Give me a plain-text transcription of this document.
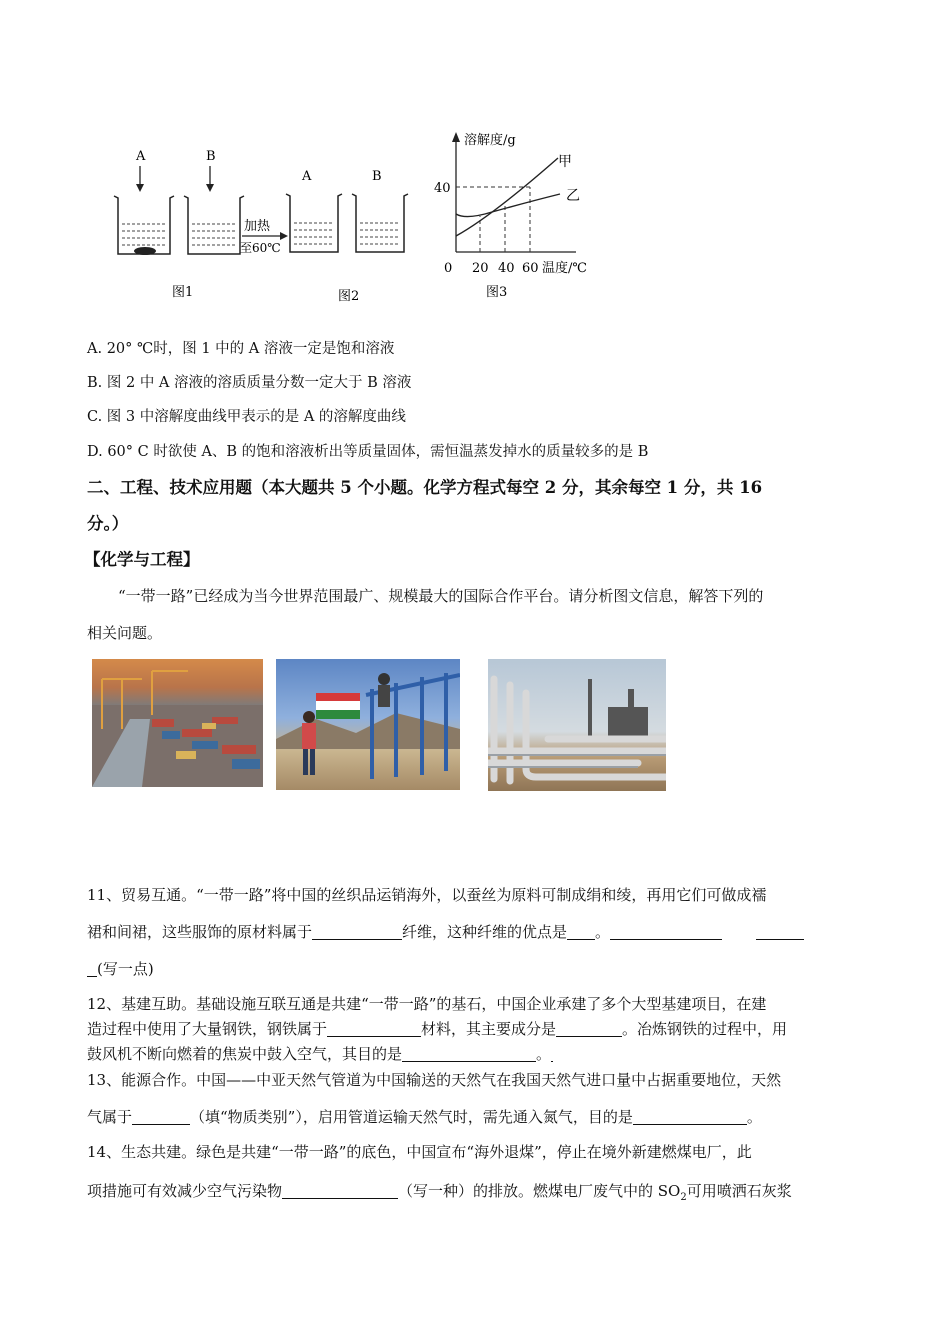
A	B
图1
加热
至60℃
A	B
图2
溶解度/g
40
甲
乙
0 20 40 60 温度/℃
图3
A. 20° ℃时，图 1 中的 A 溶液一定是饱和溶液
B. 图 2 中 A 溶液的溶质质量分数一定大于 B 溶液
C. 图 3 中溶解度曲线甲表示的是 A 的溶解度曲线
D. 60° C 时欲使 A、B 的饱和溶液析出等质量固体，需恒温蒸发掉水的质量较多的是 B
二、工程、技术应用题（本大题共 5 个小题。化学方程式每空 2 分，其余每空 1 分，共 16
分。）
【化学与工程】
“一带一路”已经成为当今世界范围最广、规模最大的国际合作平台。请分析图文信息，解答下列的
相关问题。
11、贸易互通。“一带一路”将中国的丝织品运销海外，以蚕丝为原料可制成绢和绫，再用它们可做成襦
裙和间裙，这些服饰的原材料属于	纤维，这种纤维的优点是 。
(写一点)
12、基建互助。基础设施互联互通是共建“一带一路”的基石，中国企业承建了多个大型基建项目，在建
造过程中使用了大量钢铁，钢铁属于	材料，其主要成分是	。冶炼钢铁的过程中，用
鼓风机不断向燃着的焦炭中鼓入空气，其目的是	。
13、能源合作。中国——中亚天然气管道为中国输送的天然气在我国天然气进口量中占据重要地位，天然
气属于	（填“物质类别”），启用管道运输天然气时，需先通入氮气，目的是	。
14、生态共建。绿色是共建“一带一路”的底色，中国宣布“海外退煤”，停止在境外新建燃煤电厂，此
项措施可有效减少空气污染物	（写一种）的排放。燃煤电厂废气中的 $SO_2$可用喷洒石灰浆
